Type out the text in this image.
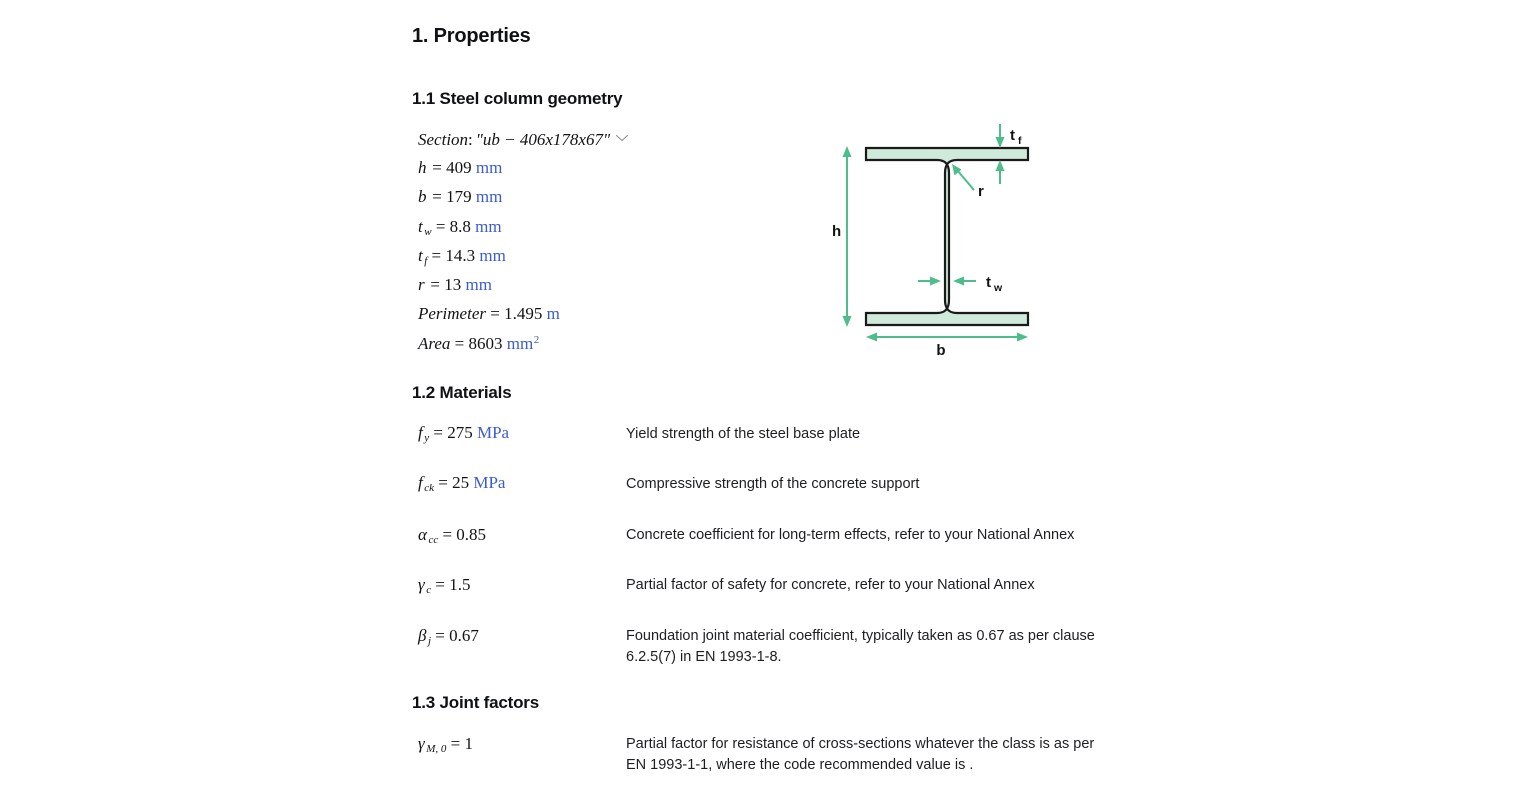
1. Properties
1.1 Steel column geometry
Section: "ub − 406x178x67"
h = 409 mm
b = 179 mm
t $_w$ = 8.8 mm
t $_f$ = 14.3 mm
r = 13 mm
Perimeter = 1.495 m
Area = 8603 $mm^2$
h
b
t f
t w
r
1.2 Materials
f $_y$ = 275 MPa	Yield strength of the steel base plate
f $_{ck}$ = 25 MPa	Compressive strength of the concrete support
α $_{cc}$ = 0.85	Concrete coefficient for long-term effects, refer to your National Annex
γ $_c$ = 1.5	Partial factor of safety for concrete, refer to your National Annex
β $_j$ = 0.67	Foundation joint material coefficient, typically taken as 0.67 as per clause 6.2.5(7) in EN 1993-1-8.
1.3 Joint factors
γ $_{M, 0}$ = 1	Partial factor for resistance of cross-sections whatever the class is as per EN 1993-1-1, where the code recommended value is .
